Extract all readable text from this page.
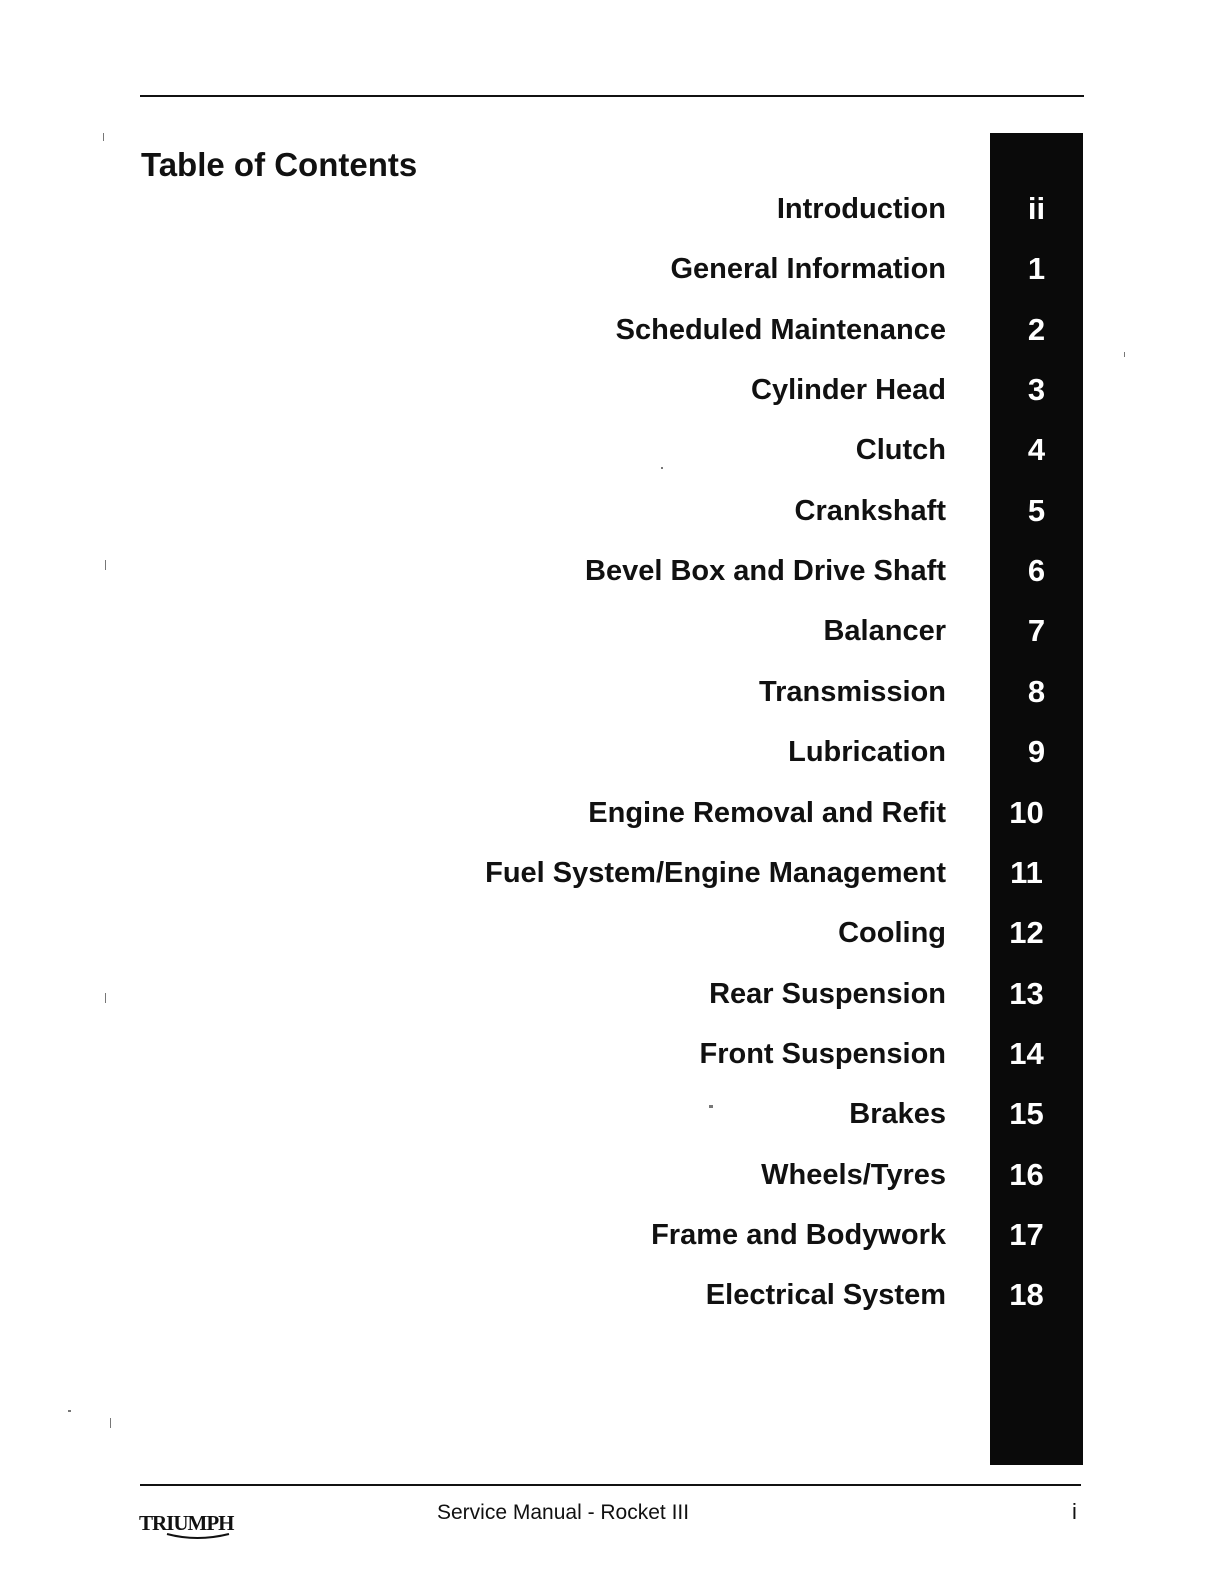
Table of Contents
Introduction	ii
General Information	1
Scheduled Maintenance	2
Cylinder Head	3
Clutch	4
Crankshaft	5
Bevel Box and Drive Shaft	6
Balancer	7
Transmission	8
Lubrication	9
Engine Removal and Refit	10
Fuel System/Engine Management	11
Cooling	12
Rear Suspension	13
Front Suspension	14
Brakes	15
Wheels/Tyres	16
Frame and Bodywork	17
Electrical System	18
TRIUMPH	Service Manual - Rocket III	i
